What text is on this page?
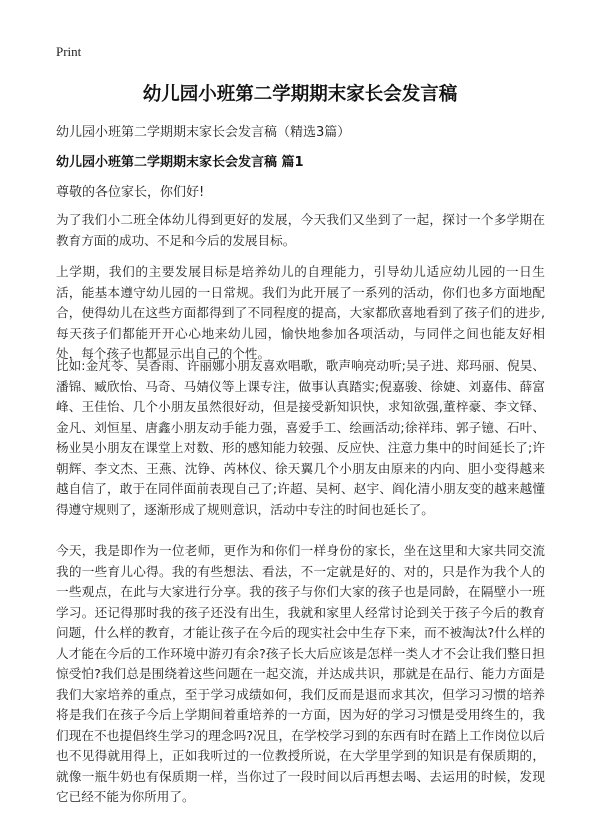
Print
幼儿园小班第二学期期末家长会发言稿
幼儿园小班第二学期期末家长会发言稿（精选3篇）
幼儿园小班第二学期期末家长会发言稿 篇1
尊敬的各位家长，你们好!

为了我们小二班全体幼儿得到更好的发展，今天我们又坐到了一起，探讨一个多学期在教育方面的成功、不足和今后的发展目标。

上学期，我们的主要发展目标是培养幼儿的自理能力，引导幼儿适应幼儿园的一日生活，能基本遵守幼儿园的一日常规。我们为此开展了一系列的活动，你们也多方面地配合，使得幼儿在这些方面都得到了不同程度的提高，大家都欣喜地看到了孩子们的进步,每天孩子们都能开开心心地来幼儿园，愉快地参加各项活动，与同伴之间也能友好相处，每个孩子也都显示出自己的个性。

比如:金芃苓、吴香雨、许丽娜小朋友喜欢唱歌，歌声响亮动听;吴子进、郑玛丽、倪昊、潘锦、臧欣怡、马奇、马婧仪等上课专注，做事认真踏实;倪嘉骏、徐婕、刘嘉伟、薛富峰、王佳怡、几个小朋友虽然很好动，但是接受新知识快，求知欲强,董梓豪、李文铎、金凡、刘恒星、唐鑫小朋友动手能力强，喜爱手工、绘画活动;徐祥玮、郭子镱、石叶、杨业昊小朋友在课堂上对数、形的感知能力较强、反应快、注意力集中的时间延长了;许朝辉、李文杰、王燕、沈铮、芮林仪、徐天翼几个小朋友由原来的内向、胆小变得越来越自信了，敢于在同伴面前表现自己了;许超、吴柯、赵宇、阎化清小朋友变的越来越懂得遵守规则了，逐渐形成了规则意识，活动中专注的时间也延长了。

今天，我是即作为一位老师，更作为和你们一样身份的家长，坐在这里和大家共同交流我的一些育儿心得。我的有些想法、看法，不一定就是好的、对的，只是作为我个人的一些观点，在此与大家进行分享。我的孩子与你们大家的孩子也是同龄，在隔壁小一班学习。还记得那时我的孩子还没有出生，我就和家里人经常讨论到关于孩子今后的教育问题，什么样的教育，才能让孩子在今后的现实社会中生存下来，而不被淘汰?什么样的人才能在今后的工作环境中游刃有余?孩子长大后应该是怎样一类人才不会让我们整日担惊受怕?我们总是围绕着这些问题在一起交流，并达成共识，那就是在品行、能力方面是我们大家培养的重点，至于学习成绩如何，我们反而是退而求其次，但学习习惯的培养将是我们在孩子今后上学期间着重培养的一方面，因为好的学习习惯是受用终生的，我们现在不也提倡终生学习的理念吗?况且，在学校学习到的东西有时在踏上工作岗位以后也不见得就用得上，正如我听过的一位教授所说，在大学里学到的知识是有保质期的，就像一瓶牛奶也有保质期一样，当你过了一段时间以后再想去喝、去运用的时候，发现它已经不能为你所用了。
